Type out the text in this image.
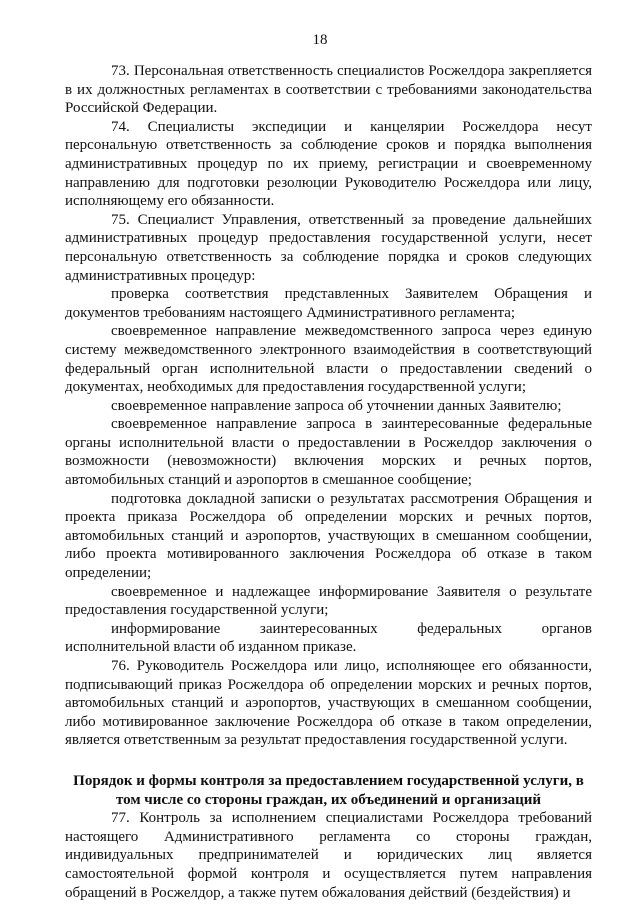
18

73. Персональная ответственность специалистов Росжелдора закрепляется в их должностных регламентах в соответствии с требованиями законодательства Российской Федерации.

74. Специалисты экспедиции и канцелярии Росжелдора несут персональную ответственность за соблюдение сроков и порядка выполнения административных процедур по их приему, регистрации и своевременному направлению для подготовки резолюции Руководителю Росжелдора или лицу, исполняющему его обязанности.

75. Специалист Управления, ответственный за проведение дальнейших административных процедур предоставления государственной услуги, несет персональную ответственность за соблюдение порядка и сроков следующих административных процедур:

проверка соответствия представленных Заявителем Обращения и документов требованиям настоящего Административного регламента;

своевременное направление межведомственного запроса через единую систему межведомственного электронного взаимодействия в соответствующий федеральный орган исполнительной власти о предоставлении сведений о документах, необходимых для предоставления государственной услуги;

своевременное направление запроса об уточнении данных Заявителю;

своевременное направление запроса в заинтересованные федеральные органы исполнительной власти о предоставлении в Росжелдор заключения о возможности (невозможности) включения морских и речных портов, автомобильных станций и аэропортов в смешанное сообщение;

подготовка докладной записки о результатах рассмотрения Обращения и проекта приказа Росжелдора об определении морских и речных портов, автомобильных станций и аэропортов, участвующих в смешанном сообщении, либо проекта мотивированного заключения Росжелдора об отказе в таком определении;

своевременное и надлежащее информирование Заявителя о результате предоставления государственной услуги;

информирование заинтересованных федеральных органов исполнительной власти об изданном приказе.

76. Руководитель Росжелдора или лицо, исполняющее его обязанности, подписывающий приказ Росжелдора об определении морских и речных портов, автомобильных станций и аэропортов, участвующих в смешанном сообщении, либо мотивированное заключение Росжелдора об отказе в таком определении, является ответственным за результат предоставления государственной услуги.

Порядок и формы контроля за предоставлением государственной услуги, в том числе со стороны граждан, их объединений и организаций

77. Контроль за исполнением специалистами Росжелдора требований настоящего Административного регламента со стороны граждан, индивидуальных предпринимателей и юридических лиц является самостоятельной формой контроля и осуществляется путем направления обращений в Росжелдор, а также путем обжалования действий (бездействия) и
